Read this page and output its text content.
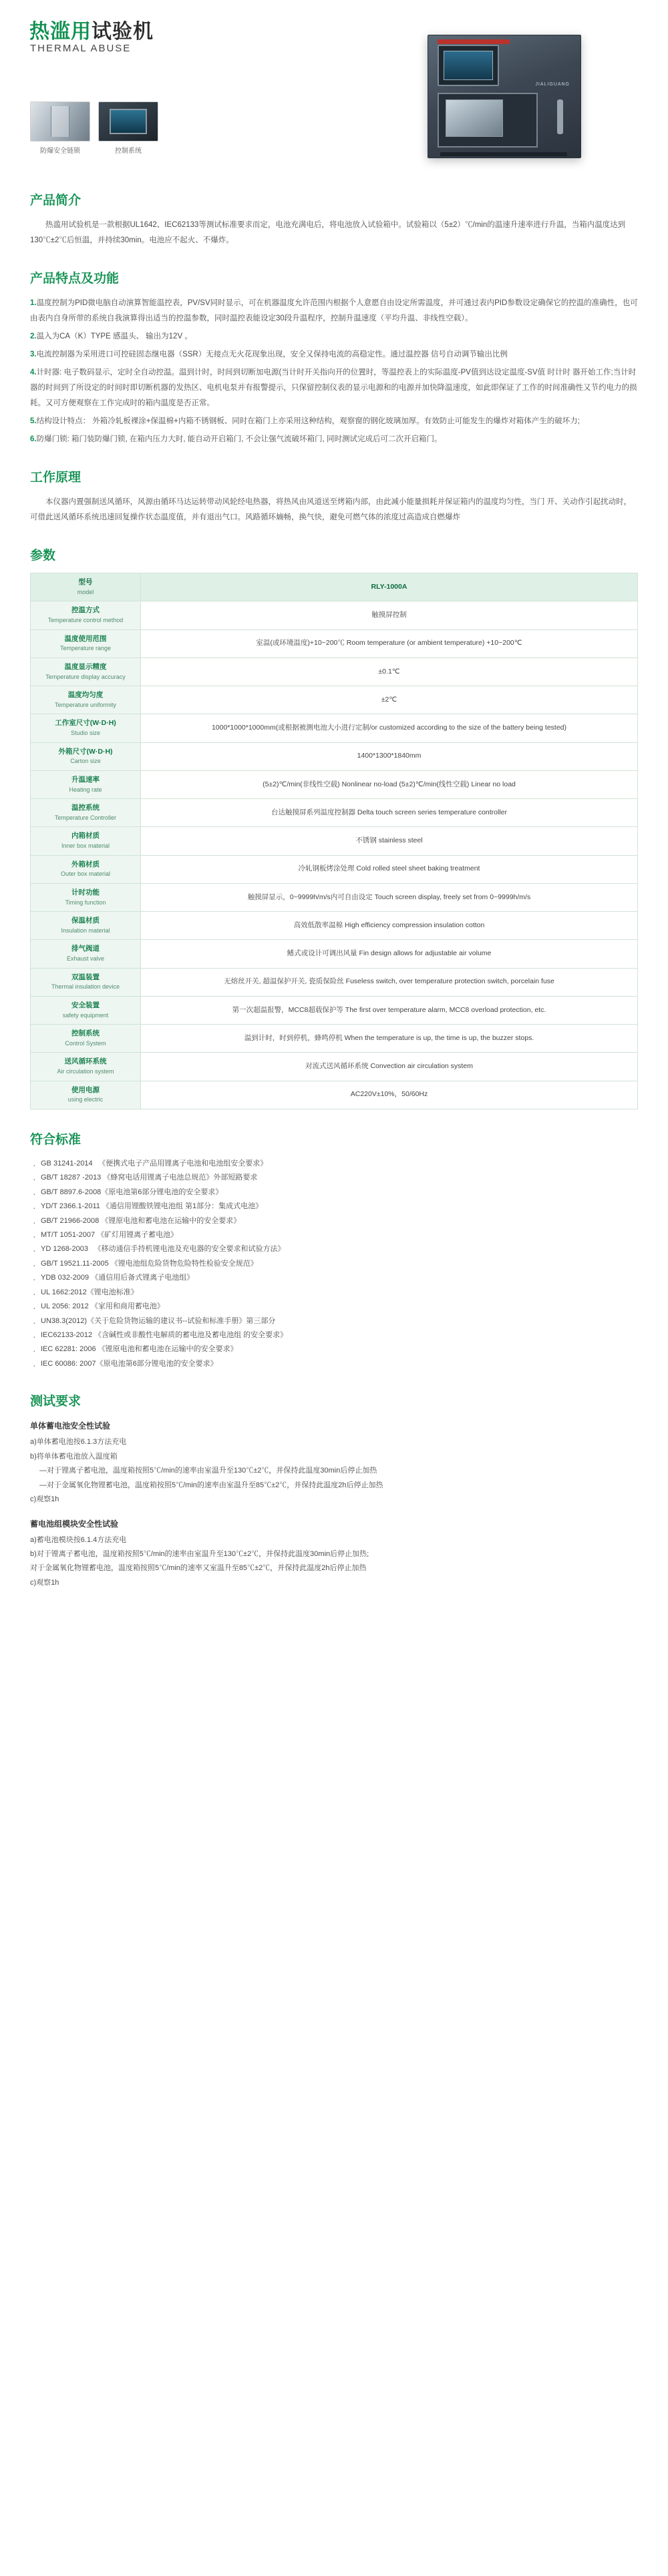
热滥用试验机
THERMAL ABUSE
JIALIGUANG
防爆安全链锁	控制系统
产品简介

热滥用试验机是一款根据UL1642、IEC62133等测试标准要求而定，电池充满电后，将电池放入试验箱中。试验箱以（5±2）℃/min的温速升速率进行升温，当箱内温度达到130℃±2℃后恒温，并持续30min。电池应不起火、不爆炸。

产品特点及功能
1.温度控制为PID微电脑自动演算智能温控表，PV/SV同时显示，可在机器温度允许范围内根据个人意愿自由设定所需温度，并可通过表内PID参数设定确保它的控温的准确性，也可由表内自身所带的系统自我演算得出适当的控温参数，同时温控表能设定30段升温程序，控制升温速度（平均升温、非线性空载）。
2.温入为CA（K）TYPE 感温头、 输出为12V 。
3.电流控制器为采用进口可控硅固态继电器（SSR）无接点无火花现象出现，安全又保持电流的高稳定性。通过温控器 信号自动调节输出比例
4.计时器: 电子数码显示，定时全自动控温。温到计时，时间到切断加电源(当计时开关指向开的位置时，等温控表上的实际温度-PV值到达设定温度-SV值 时计时 器开始工作;当计时器的时间到了所设定的时间时即切断机器的发热区、电机电泵并有报警提示，只保留控制仪表的显示电源和的电源并加快降温速度，如此即保证了工作的时间准确性又节约电力的损耗。又可方便观察在工作完成时的箱内温度是否正常。
5.结构设计特点： 外箱冷轧板裸涂+保温棉+内箱不锈钢板、同时在箱门上亦采用这种结构，观察窗的钢化玻璃加厚。有效防止可能发生的爆炸对箱体产生的破坏力;
6.防爆门锁: 箱门装防爆门锁, 在箱内压力大时, 能自动开启箱门, 不会让强气流破坏箱门, 同时测试完成后可二次开启箱门。
工作原理

本仪器内置强制送风循环，风源由循环马达运转带动风轮经电热器，将热风由风道送至烤箱内部，由此减小能量损耗并保证箱内的温度均匀性，当门 开、关动作引起扰动时，可借此送风循环系统迅速回复操作状态温度值，并有退出气口。风路循环熵畅，换气快，避免可燃气体的浓度过高造成自燃爆炸

参数
型号
model	RLY-1000A
控温方式
Temperature control method	触摸屏控制
温度使用范围
Temperature range	室温(或环境温度)+10~200℃ Room temperature (or ambient temperature) +10~200℃
温度显示精度
Temperature display accuracy	±0.1℃
温度均匀度
Temperature uniformity	±2℃
工作室尺寸(W·D·H)
Studio size	1000*1000*1000mm(或根据被测电池大小进行定制/or customized according to the size of the battery being tested)
外箱尺寸(W·D·H)
Carton size	1400*1300*1840mm
升温速率
Heating rate	(5±2)℃/min(非线性空载) Nonlinear no-load (5±2)℃/min(线性空载) Linear no load
温控系统
Temperature Controller	台达触摸屏系列温度控制器 Delta touch screen series temperature controller
内箱材质
Inner box material	不锈钢 stainless steel
外箱材质
Outer box material	冷轧钢板烤涂处理 Cold rolled steel sheet baking treatment
计时功能
Timing function	触摸屏显示，0~9999h/m/s内可自由设定 Touch screen display, freely set from 0~9999h/m/s
保温材质
Insulation material	高效低散率温棉 High efficiency compression insulation cotton
排气阀道
Exhaust valve	鳍式或设计可调出风量 Fin design allows for adjustable air volume
双温装置
Thermal insulation device	无熔丝开关, 超温保护开关, 瓷质保险丝 Fuseless switch, over temperature protection switch, porcelain fuse
安全装置
safety equipment	第一次超温报警，MCC8超载保护等 The first over temperature alarm, MCC8 overload protection, etc.
控制系统
Control System	温到计时，时到停机，蜂鸣停机 When the temperature is up, the time is up, the buzzer stops.
送风循环系统
Air circulation system	对流式送风循环系统 Convection air circulation system
使用电源
using electric	AC220V±10%，50/60Hz
符合标准
· GB 31241-2014 　《便携式电子产品用锂离子电池和电池组安全要求》
· GB/T 18287 -2013 《蜂窝电话用锂离子电池总规范》外部短路要求
· GB/T 8897.6-2008《原电池第6部分锂电池的安全要求》
· YD/T 2366.1-2011 《通信用锂酸铁锂电池组 第1部分：集成式电池》
· GB/T 21966-2008 《锂原电池和蓄电池在运输中的安全要求》
· MT/T 1051-2007 《矿灯用锂离子蓄电池》
· YD 1268-2003 　《移动通信手持机锂电池及充电器的安全要求和试验方法》
· GB/T 19521.11-2005 《锂电池组危险货物危险特性检验安全规范》
· YDB 032-2009 《通信用后备式锂离子电池组》
· UL 1662:2012《锂电池标准》
· UL 2056: 2012 《家用和商用蓄电池》
· UN38.3(2012)《关于危险货物运输的建议书--试验和标准手册》第三部分
· IEC62133-2012 《含碱性或非酸性电解质的蓄电池及蓄电池组 的安全要求》
· IEC 62281: 2006 《锂原电池和蓄电池在运输中的安全要求》
· IEC 60086: 2007《原电池第6部分锂电池的安全要求》
测试要求
单体蓄电池安全性试验

a)单体蓄电池按6.1.3方法充电

b)将单体蓄电池放入温度箱

—对于锂离子蓄电池，温度箱按照5℃/min的速率由室温升至130℃±2℃，并保持此温度30min后停止加热

—对于金属氧化物锂蓄电池，温度箱按照5℃/min的速率由室温升至85℃±2℃，并保持此温度2h后停止加热

c)观察1h

蓄电池组模块安全性试验

a)蓄电池模块按6.1.4方法充电

b)对于锂离子蓄电池，温度箱按照5℃/min的速率由室温升至130℃±2℃，并保持此温度30min后停止加热;

对于金属氧化物锂蓄电池，温度箱按照5℃/min的速率又室温升至85℃±2℃，并保持此温度2h后停止加热

c)观察1h
